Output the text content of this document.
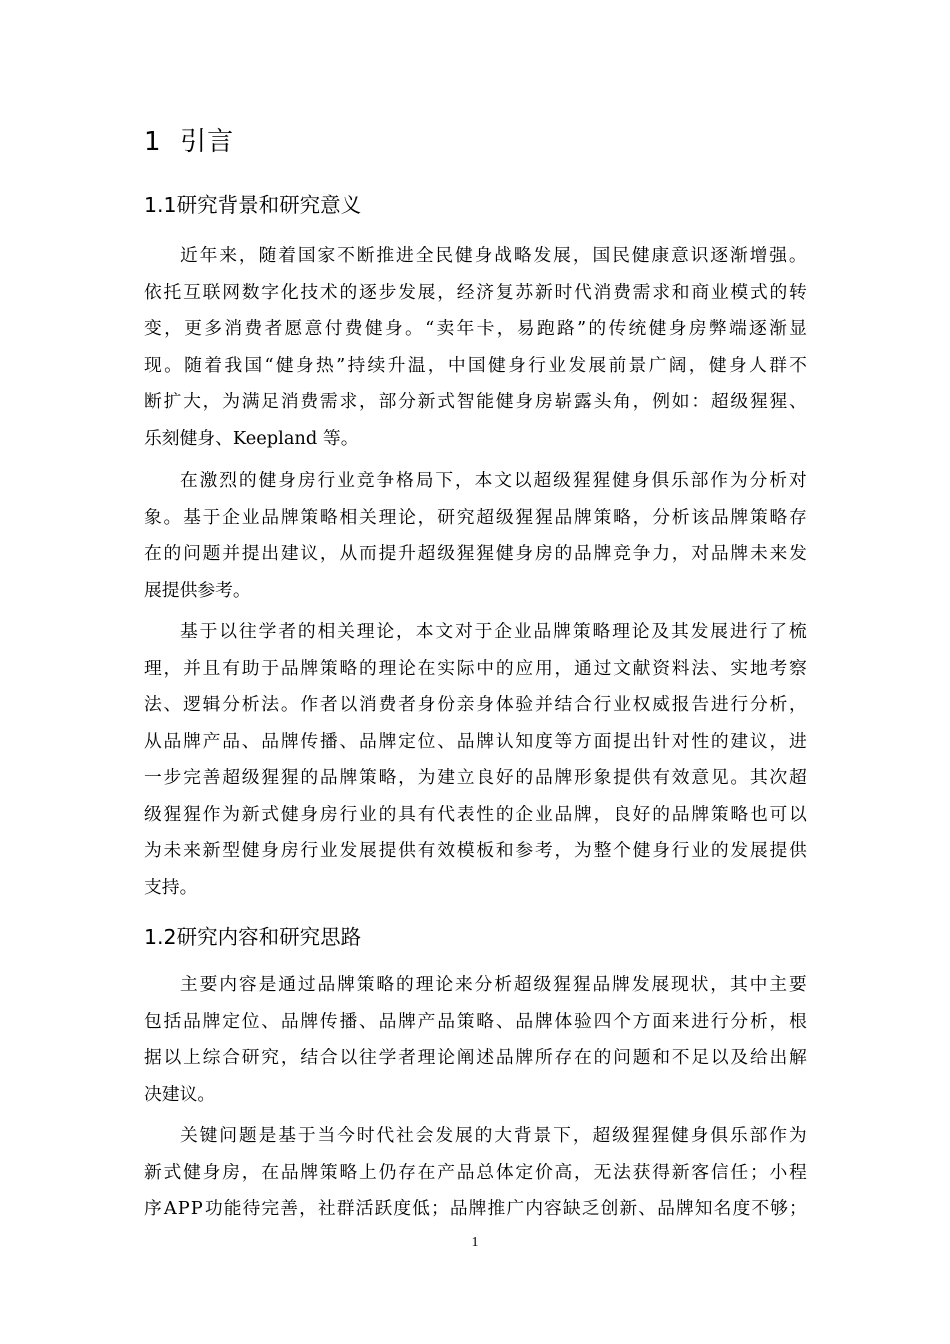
1  引言
1.1研究背景和研究意义
近 年 来 ， 随 着 国 家 不 断 推 进 全 民 健 身 战 略 发 展 ， 国 民 健 康 意 识 逐 渐 增 强 。
依 托 互 联 网 数 字 化 技 术 的 逐 步 发 展 ， 经 济 复 苏 新 时 代 消 费 需 求 和 商 业 模 式 的 转
变 ， 更 多 消 费 者 愿 意 付 费 健 身 。 “ 卖 年 卡 ， 易 跑 路 ” 的 传 统 健 身 房 弊 端 逐 渐 显
现 。 随 着 我 国 “ 健 身 热 ” 持 续 升 温 ， 中 国 健 身 行 业 发 展 前 景 广 阔 ， 健 身 人 群 不
断 扩 大 ， 为 满 足 消 费 需 求 ， 部 分 新 式 智 能 健 身 房 崭 露 头 角 ， 例 如 ： 超 级 猩 猩 、
乐刻健身、Keepland 等。
在 激 烈 的 健 身 房 行 业 竞 争 格 局 下 ， 本 文 以 超 级 猩 猩 健 身 俱 乐 部 作 为 分 析 对
象 。 基 于 企 业 品 牌 策 略 相 关 理 论 ， 研 究 超 级 猩 猩 品 牌 策 略 ， 分 析 该 品 牌 策 略 存
在 的 问 题 并 提 出 建 议 ， 从 而 提 升 超 级 猩 猩 健 身 房 的 品 牌 竞 争 力 ， 对 品 牌 未 来 发
展提供参考。
基 于 以 往 学 者 的 相 关 理 论 ， 本 文 对 于 企 业 品 牌 策 略 理 论 及 其 发 展 进 行 了 梳
理 ， 并 且 有 助 于 品 牌 策 略 的 理 论 在 实 际 中 的 应 用 ， 通 过 文 献 资 料 法 、 实 地 考 察
法 、 逻 辑 分 析 法 。 作 者 以 消 费 者 身 份 亲 身 体 验 并 结 合 行 业 权 威 报 告 进 行 分 析 ，
从 品 牌 产 品 、 品 牌 传 播 、 品 牌 定 位 、 品 牌 认 知 度 等 方 面 提 出 针 对 性 的 建 议 ， 进
一 步 完 善 超 级 猩 猩 的 品 牌 策 略 ， 为 建 立 良 好 的 品 牌 形 象 提 供 有 效 意 见 。 其 次 超
级 猩 猩 作 为 新 式 健 身 房 行 业 的 具 有 代 表 性 的 企 业 品 牌 ， 良 好 的 品 牌 策 略 也 可 以
为 未 来 新 型 健 身 房 行 业 发 展 提 供 有 效 模 板 和 参 考 ， 为 整 个 健 身 行 业 的 发 展 提 供
支持。
1.2研究内容和研究思路
主 要 内 容 是 通 过 品 牌 策 略 的 理 论 来 分 析 超 级 猩 猩 品 牌 发 展 现 状 ， 其 中 主 要
包 括 品 牌 定 位 、 品 牌 传 播 、 品 牌 产 品 策 略 、 品 牌 体 验 四 个 方 面 来 进 行 分 析 ， 根
据 以 上 综 合 研 究 ， 结 合 以 往 学 者 理 论 阐 述 品 牌 所 存 在 的 问 题 和 不 足 以 及 给 出 解
决建议。
关 键 问 题 是 基 于 当 今 时 代 社 会 发 展 的 大 背 景 下 ， 超 级 猩 猩 健 身 俱 乐 部 作 为
新 式 健 身 房 ， 在 品 牌 策 略 上 仍 存 在 产 品 总 体 定 价 高 ， 无 法 获 得 新 客 信 任 ； 小 程
序 A P P 功 能 待 完 善 ， 社 群 活 跃 度 低 ； 品 牌 推 广 内 容 缺 乏 创 新 、 品 牌 知 名 度 不 够 ；
1
